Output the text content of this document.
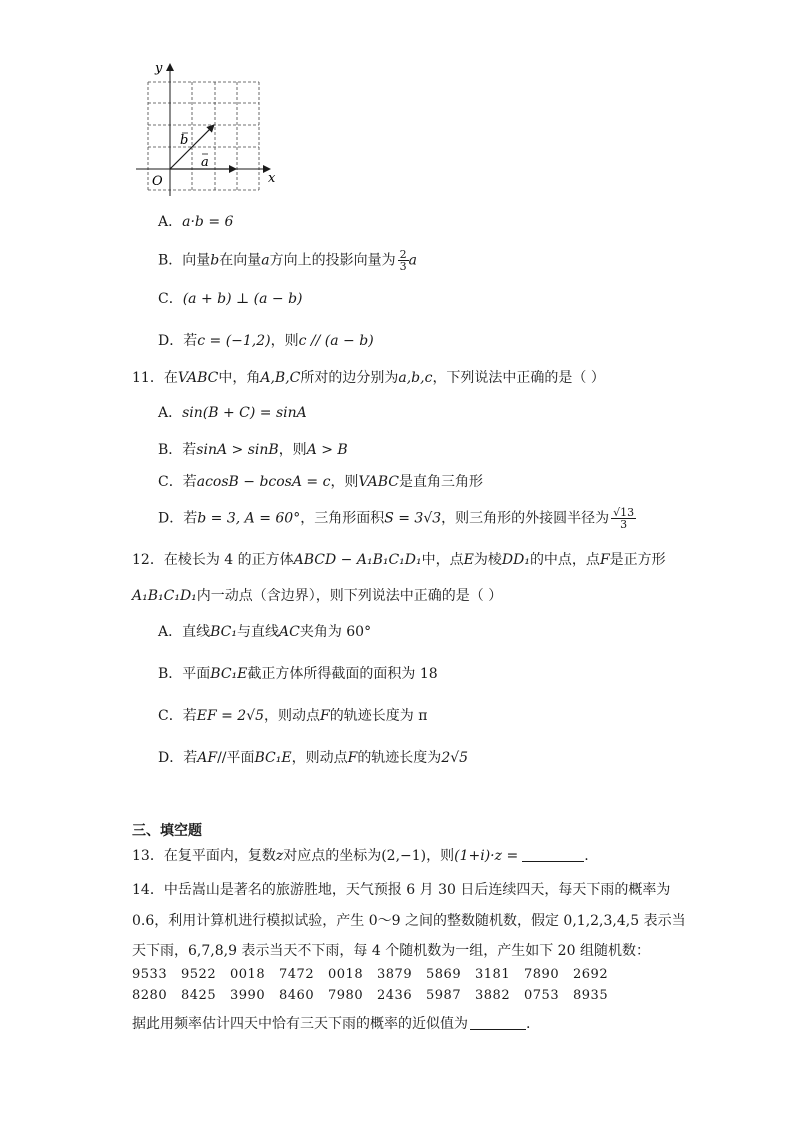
y
x
O
b
a
A．a·b = 6
B．向量b在向量a方向上的投影向量为 $\frac{2}{3}$ a
C．(a + b) ⊥ (a − b)
D．若c = (−1,2)，则c // (a − b)
11．在VABC中，角A,B,C所对的边分别为a,b,c，下列说法中正确的是（ ）
A．sin(B + C) = sinA
B．若sinA > sinB，则A > B
C．若acosB − bcosA = c，则VABC是直角三角形
D．若b = 3, A = 60°，三角形面积S = 3√3，则三角形的外接圆半径为 $\frac{√13}{3}$
12．在棱长为 4 的正方体ABCD − A₁B₁C₁D₁中，点E为棱DD₁的中点，点F是正方形
A₁B₁C₁D₁内一动点（含边界），则下列说法中正确的是（ ）
A．直线BC₁与直线AC夹角为 60°
B．平面BC₁E截正方体所得截面的面积为 18
C．若EF = 2√5，则动点F的轨迹长度为 π
D．若AF//平面BC₁E，则动点F的轨迹长度为2√5
三、填空题
13．在复平面内，复数z对应点的坐标为(2,−1)，则(1+i)·z =	.
14．中岳嵩山是著名的旅游胜地，天气预报 6 月 30 日后连续四天，每天下雨的概率为
0.6，利用计算机进行模拟试验，产生 0～9 之间的整数随机数，假定 0,1,2,3,4,5 表示当
天下雨，6,7,8,9 表示当天不下雨，每 4 个随机数为一组，产生如下 20 组随机数：
9533 9522 0018 7472 0018 3879 5869 3181 7890 2692
8280 8425 3990 8460 7980 2436 5987 3882 0753 8935
据此用频率估计四天中恰有三天下雨的概率的近似值为	.
